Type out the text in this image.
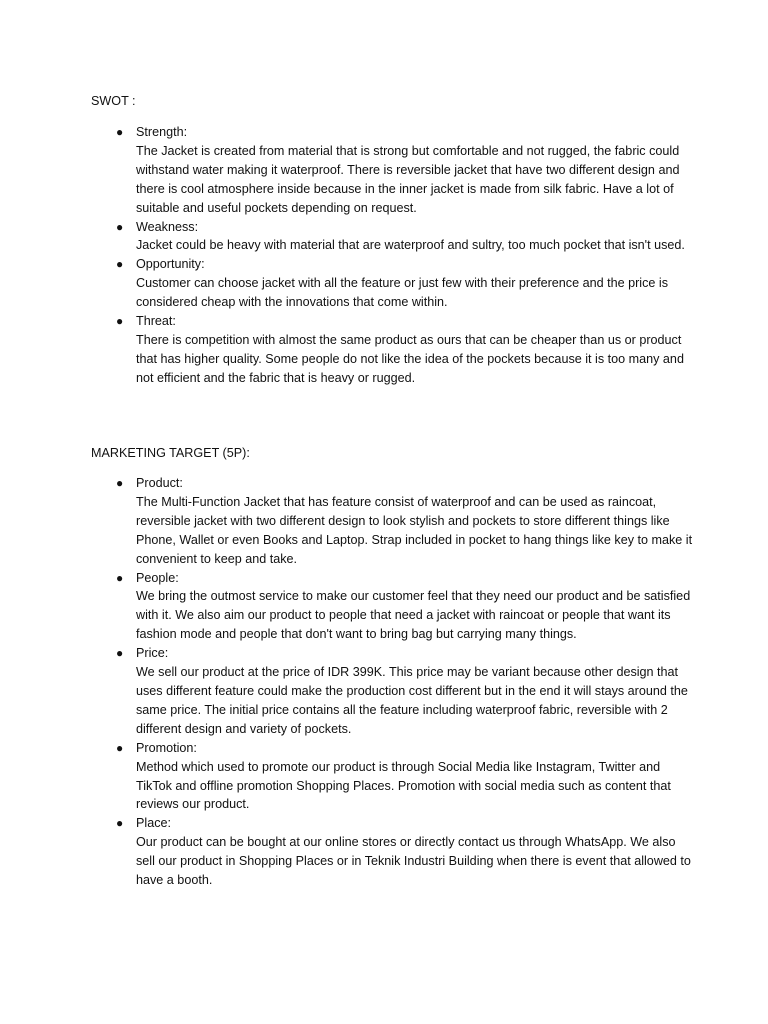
SWOT :
● Strength:
The Jacket is created from material that is strong but comfortable and not rugged, the fabric could withstand water making it waterproof. There is reversible jacket that have two different design and there is cool atmosphere inside because in the inner jacket is made from silk fabric. Have a lot of suitable and useful pockets depending on request.
● Weakness:
Jacket could be heavy with material that are waterproof and sultry, too much pocket that isn't used.
● Opportunity:
Customer can choose jacket with all the feature or just few with their preference and the price is considered cheap with the innovations that come within.
● Threat:
There is competition with almost the same product as ours that can be cheaper than us or product that has higher quality. Some people do not like the idea of the pockets because it is too many and not efficient and the fabric that is heavy or rugged.
MARKETING TARGET (5P):
● Product:
The Multi-Function Jacket that has feature consist of waterproof and can be used as raincoat, reversible jacket with two different design to look stylish and pockets to store different things like Phone, Wallet or even Books and Laptop. Strap included in pocket to hang things like key to make it convenient to keep and take.
● People:
We bring the outmost service to make our customer feel that they need our product and be satisfied with it. We also aim our product to people that need a jacket with raincoat or people that want its fashion mode and people that don't want to bring bag but carrying many things.
● Price:
We sell our product at the price of IDR 399K. This price may be variant because other design that uses different feature could make the production cost different but in the end it will stays around the same price. The initial price contains all the feature including waterproof fabric, reversible with 2 different design and variety of pockets.
● Promotion:
Method which used to promote our product is through Social Media like Instagram, Twitter and TikTok and offline promotion Shopping Places. Promotion with social media such as content that reviews our product.
● Place:
Our product can be bought at our online stores or directly contact us through WhatsApp. We also sell our product in Shopping Places or in Teknik Industri Building when there is event that allowed to have a booth.
